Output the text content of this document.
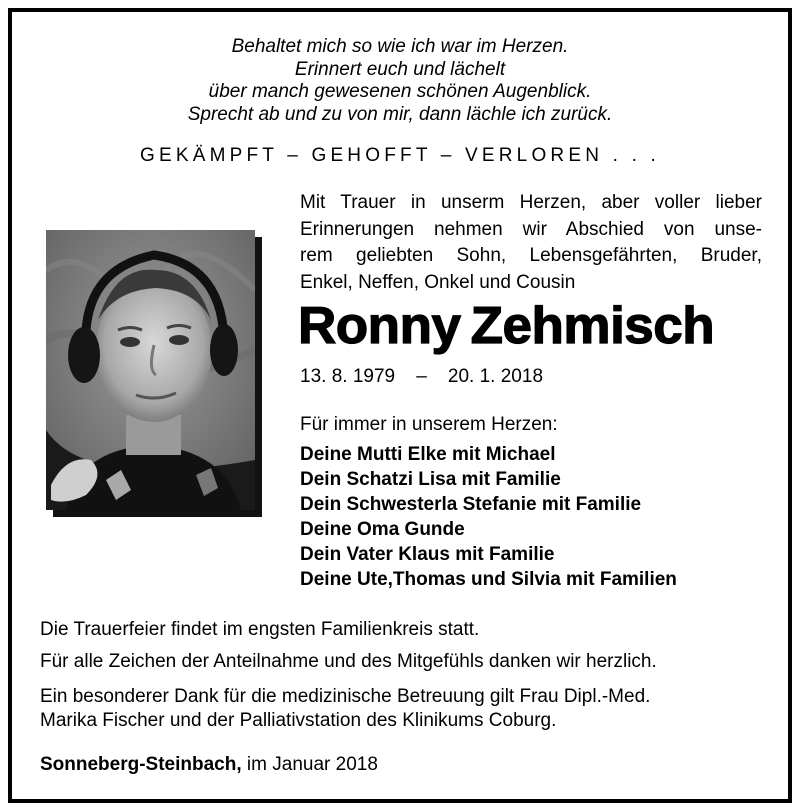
Behaltet mich so wie ich war im Herzen.
Erinnert euch und lächelt
über manch gewesenen schönen Augenblick.
Sprecht ab und zu von mir, dann lächle ich zurück.
GEKÄMPFT – GEHOFFT – VERLOREN . . .
Mit Trauer in unserm Herzen, aber voller lieber
Erinnerungen nehmen wir Abschied von unse-
rem geliebten Sohn, Lebensgefährten, Bruder,
Enkel, Neffen, Onkel und Cousin
Ronny Zehmisch
13. 8. 1979 – 20. 1. 2018
Für immer in unserem Herzen:
Deine Mutti Elke mit Michael
Dein Schatzi Lisa mit Familie
Dein Schwesterla Stefanie mit Familie
Deine Oma Gunde
Dein Vater Klaus mit Familie
Deine Ute,Thomas und Silvia mit Familien
Die Trauerfeier findet im engsten Familienkreis statt.
Für alle Zeichen der Anteilnahme und des Mitgefühls danken wir herzlich.
Ein besonderer Dank für die medizinische Betreuung gilt Frau Dipl.-Med.
Marika Fischer und der Palliativstation des Klinikums Coburg.
Sonneberg-Steinbach, im Januar 2018
